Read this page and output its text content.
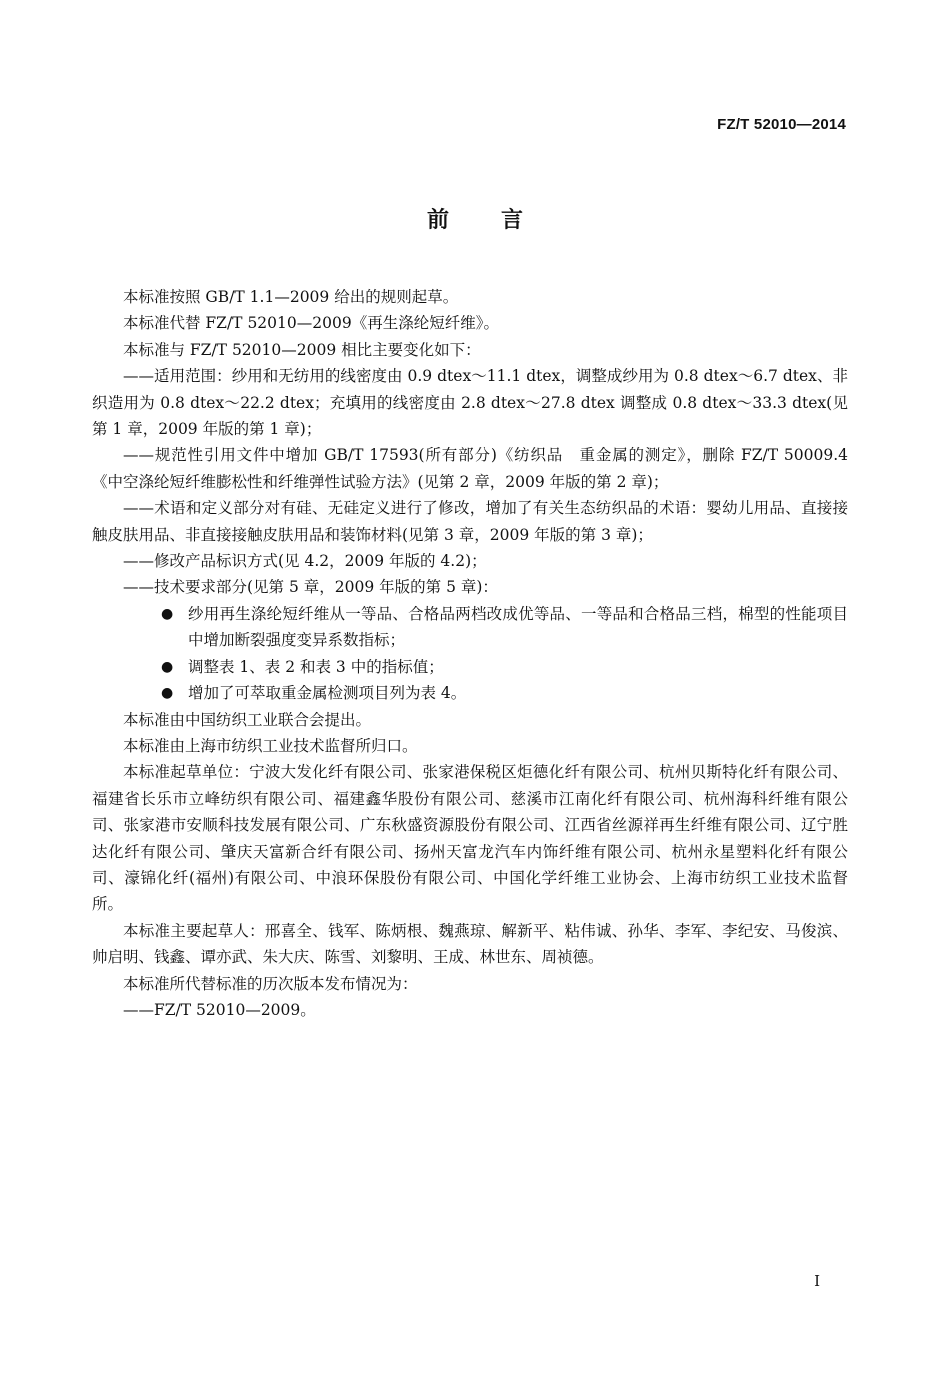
FZ/T 52010—2014
前言

本标准按照 GB/T 1.1—2009 给出的规则起草。

本标准代替 FZ/T 52010—2009《再生涤纶短纤维》。

本标准与 FZ/T 52010—2009 相比主要变化如下：

——适用范围：纱用和无纺用的线密度由 0.9 dtex～11.1 dtex，调整成纱用为 0.8 dtex～6.7 dtex、非织造用为 0.8 dtex～22.2 dtex；充填用的线密度由 2.8 dtex～27.8 dtex 调整成 0.8 dtex～33.3 dtex(见第 1 章，2009 年版的第 1 章)；

——规范性引用文件中增加 GB/T 17593(所有部分)《纺织品　重金属的测定》，删除 FZ/T 50009.4《中空涤纶短纤维膨松性和纤维弹性试验方法》(见第 2 章，2009 年版的第 2 章)；

——术语和定义部分对有硅、无硅定义进行了修改，增加了有关生态纺织品的术语：婴幼儿用品、直接接触皮肤用品、非直接接触皮肤用品和装饰材料(见第 3 章，2009 年版的第 3 章)；

——修改产品标识方式(见 4.2，2009 年版的 4.2)；

——技术要求部分(见第 5 章，2009 年版的第 5 章)：

● 纱用再生涤纶短纤维从一等品、合格品两档改成优等品、一等品和合格品三档，棉型的性能项目中增加断裂强度变异系数指标；
● 调整表 1、表 2 和表 3 中的指标值；
● 增加了可萃取重金属检测项目列为表 4。

本标准由中国纺织工业联合会提出。

本标准由上海市纺织工业技术监督所归口。

本标准起草单位：宁波大发化纤有限公司、张家港保税区炬德化纤有限公司、杭州贝斯特化纤有限公司、福建省长乐市立峰纺织有限公司、福建鑫华股份有限公司、慈溪市江南化纤有限公司、杭州海科纤维有限公司、张家港市安顺科技发展有限公司、广东秋盛资源股份有限公司、江西省丝源祥再生纤维有限公司、辽宁胜达化纤有限公司、肇庆天富新合纤有限公司、扬州天富龙汽车内饰纤维有限公司、杭州永星塑料化纤有限公司、濠锦化纤(福州)有限公司、中浪环保股份有限公司、中国化学纤维工业协会、上海市纺织工业技术监督所。

本标准主要起草人：邢喜全、钱军、陈炳根、魏燕琼、解新平、粘伟诚、孙华、李军、李纪安、马俊滨、帅启明、钱鑫、谭亦武、朱大庆、陈雪、刘黎明、王成、林世东、周祯德。

本标准所代替标准的历次版本发布情况为：

——FZ/T 52010—2009。

I
